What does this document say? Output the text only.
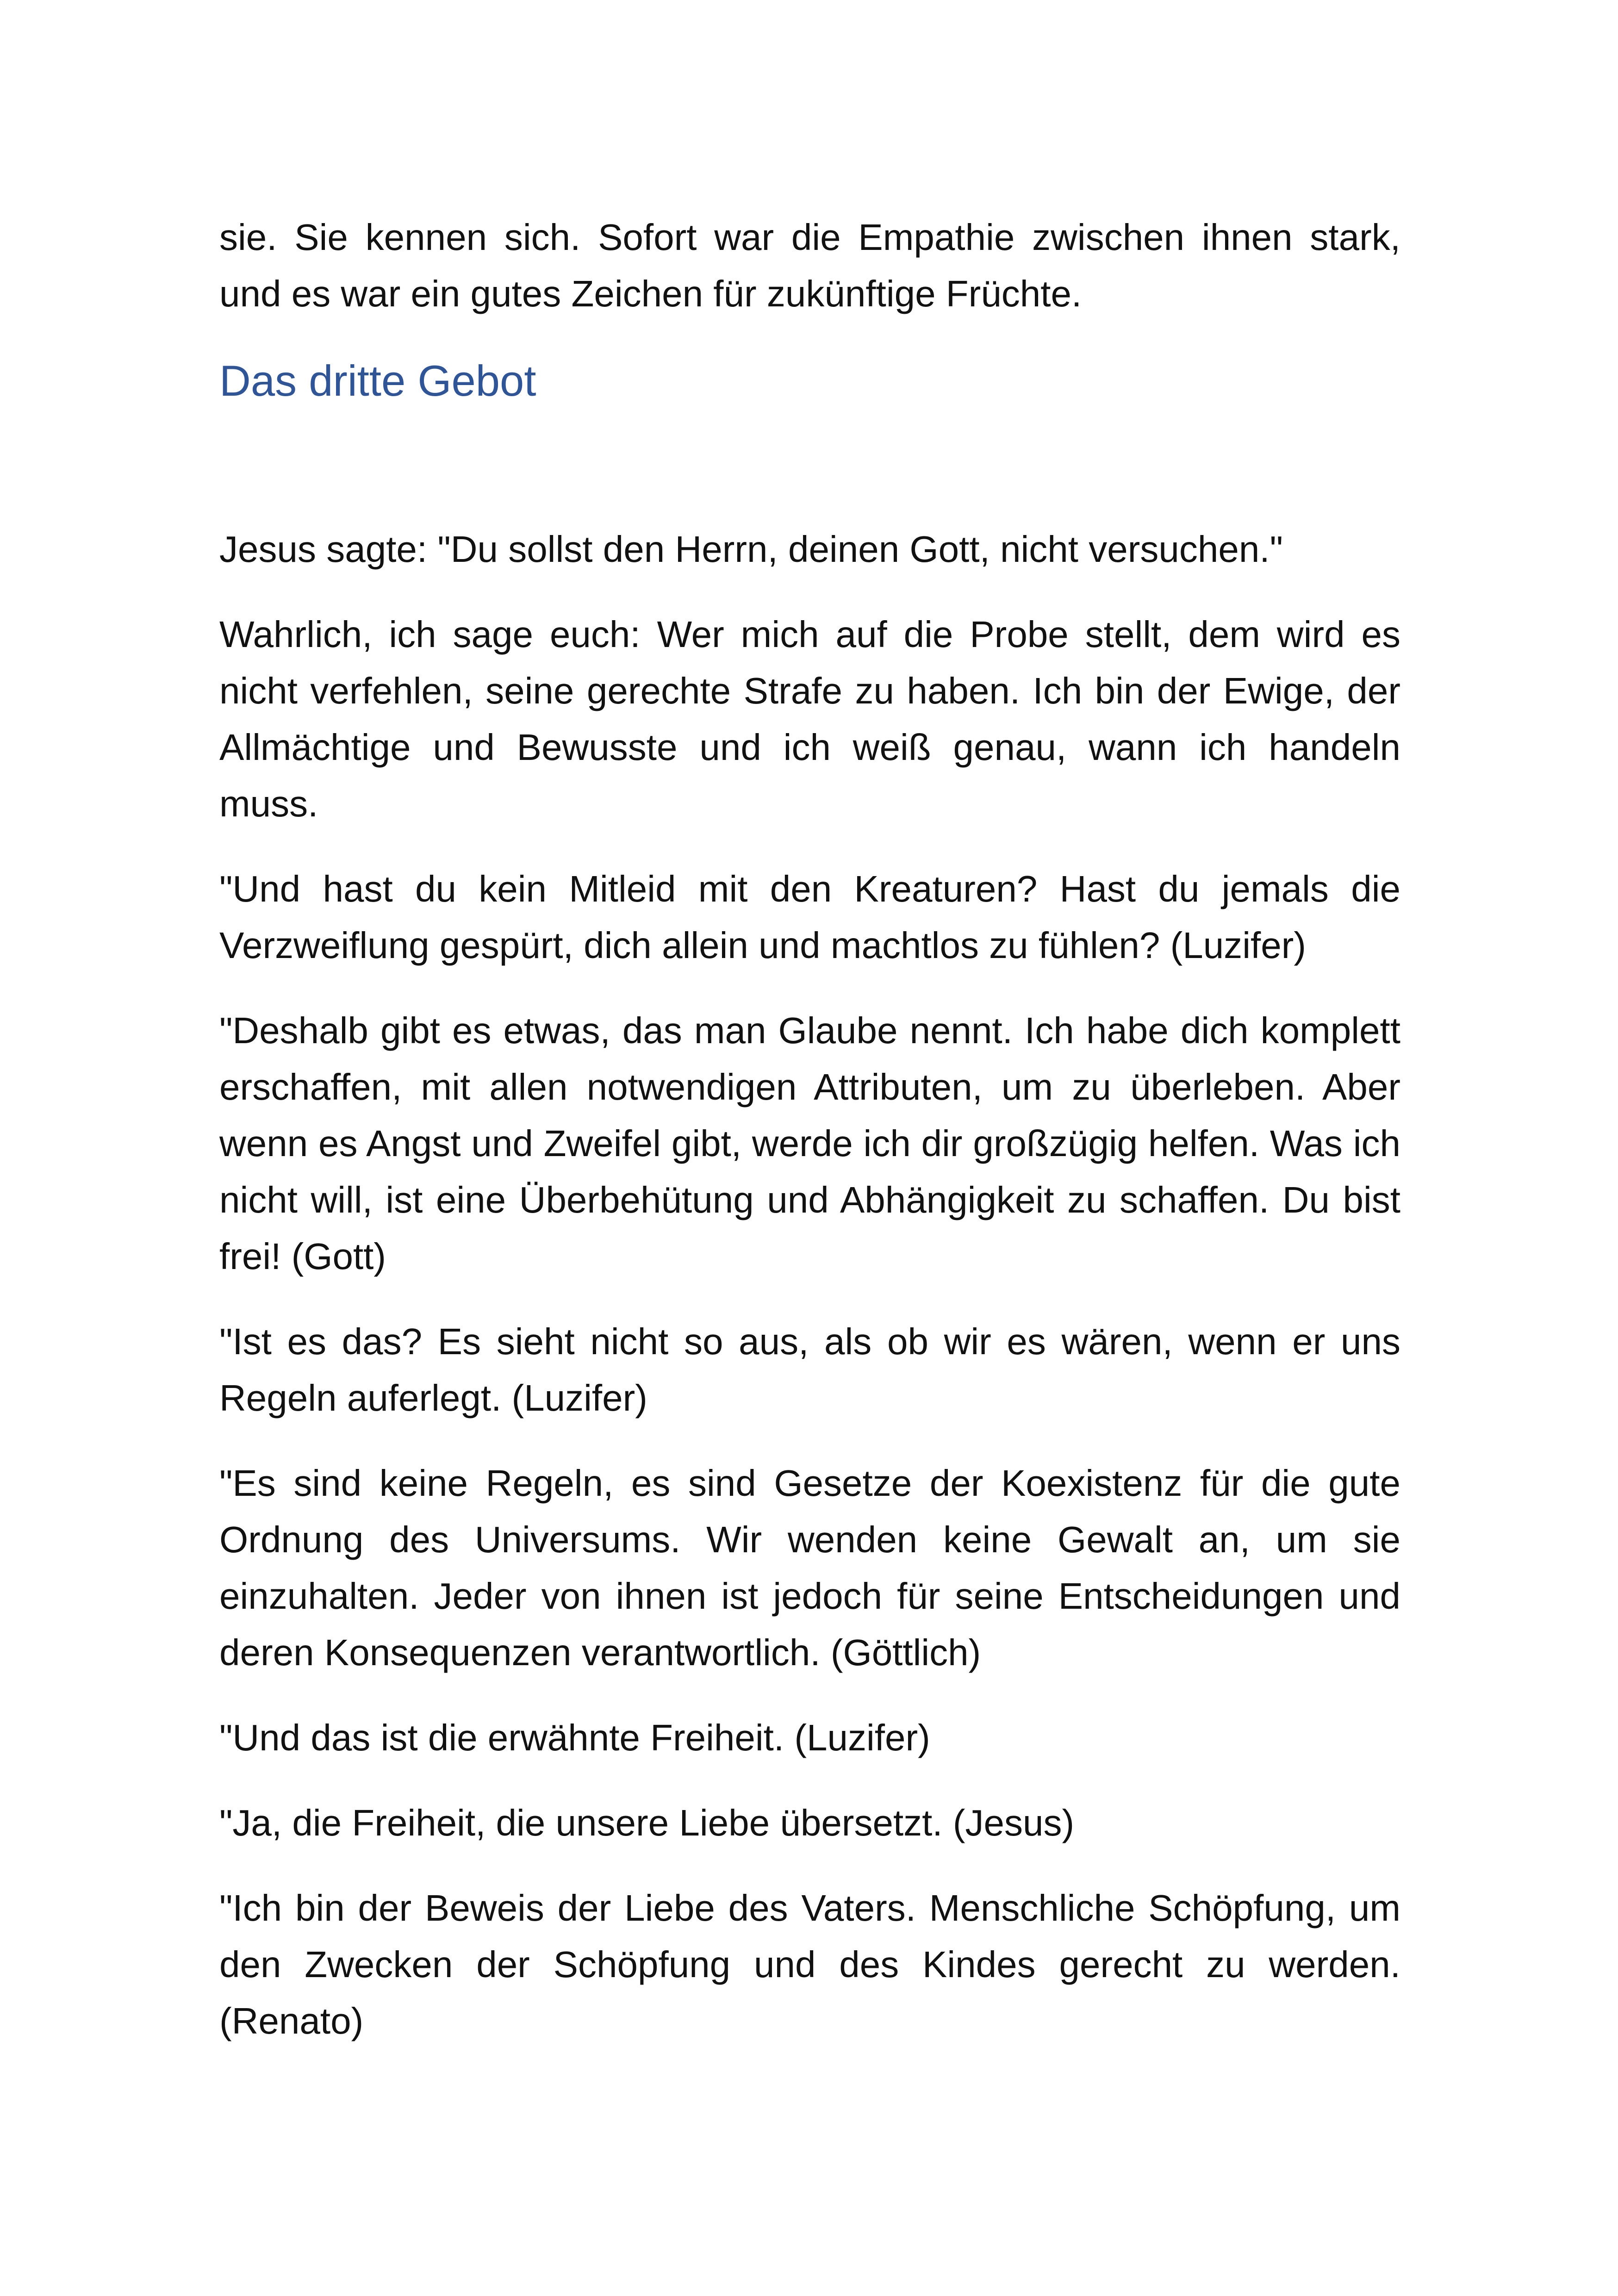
sie. Sie kennen sich. Sofort war die Empathie zwischen ihnen stark, und es war ein gutes Zeichen für zukünftige Früchte.

Das dritte Gebot

Jesus sagte: "Du sollst den Herrn, deinen Gott, nicht versuchen."

Wahrlich, ich sage euch: Wer mich auf die Probe stellt, dem wird es nicht verfehlen, seine gerechte Strafe zu haben. Ich bin der Ewige, der Allmächtige und Bewusste und ich weiß genau, wann ich handeln muss.

"Und hast du kein Mitleid mit den Kreaturen? Hast du jemals die Verzweiflung gespürt, dich allein und machtlos zu fühlen? (Luzifer)

"Deshalb gibt es etwas, das man Glaube nennt. Ich habe dich komplett erschaffen, mit allen notwendigen Attributen, um zu überleben. Aber wenn es Angst und Zweifel gibt, werde ich dir großzügig helfen. Was ich nicht will, ist eine Überbehütung und Abhängigkeit zu schaffen. Du bist frei! (Gott)

"Ist es das? Es sieht nicht so aus, als ob wir es wären, wenn er uns Regeln auferlegt. (Luzifer)

"Es sind keine Regeln, es sind Gesetze der Koexistenz für die gute Ordnung des Universums. Wir wenden keine Gewalt an, um sie einzuhalten. Jeder von ihnen ist jedoch für seine Entscheidungen und deren Konsequenzen verantwortlich. (Göttlich)

"Und das ist die erwähnte Freiheit. (Luzifer)

"Ja, die Freiheit, die unsere Liebe übersetzt. (Jesus)

"Ich bin der Beweis der Liebe des Vaters. Menschliche Schöpfung, um den Zwecken der Schöpfung und des Kindes gerecht zu werden. (Renato)
